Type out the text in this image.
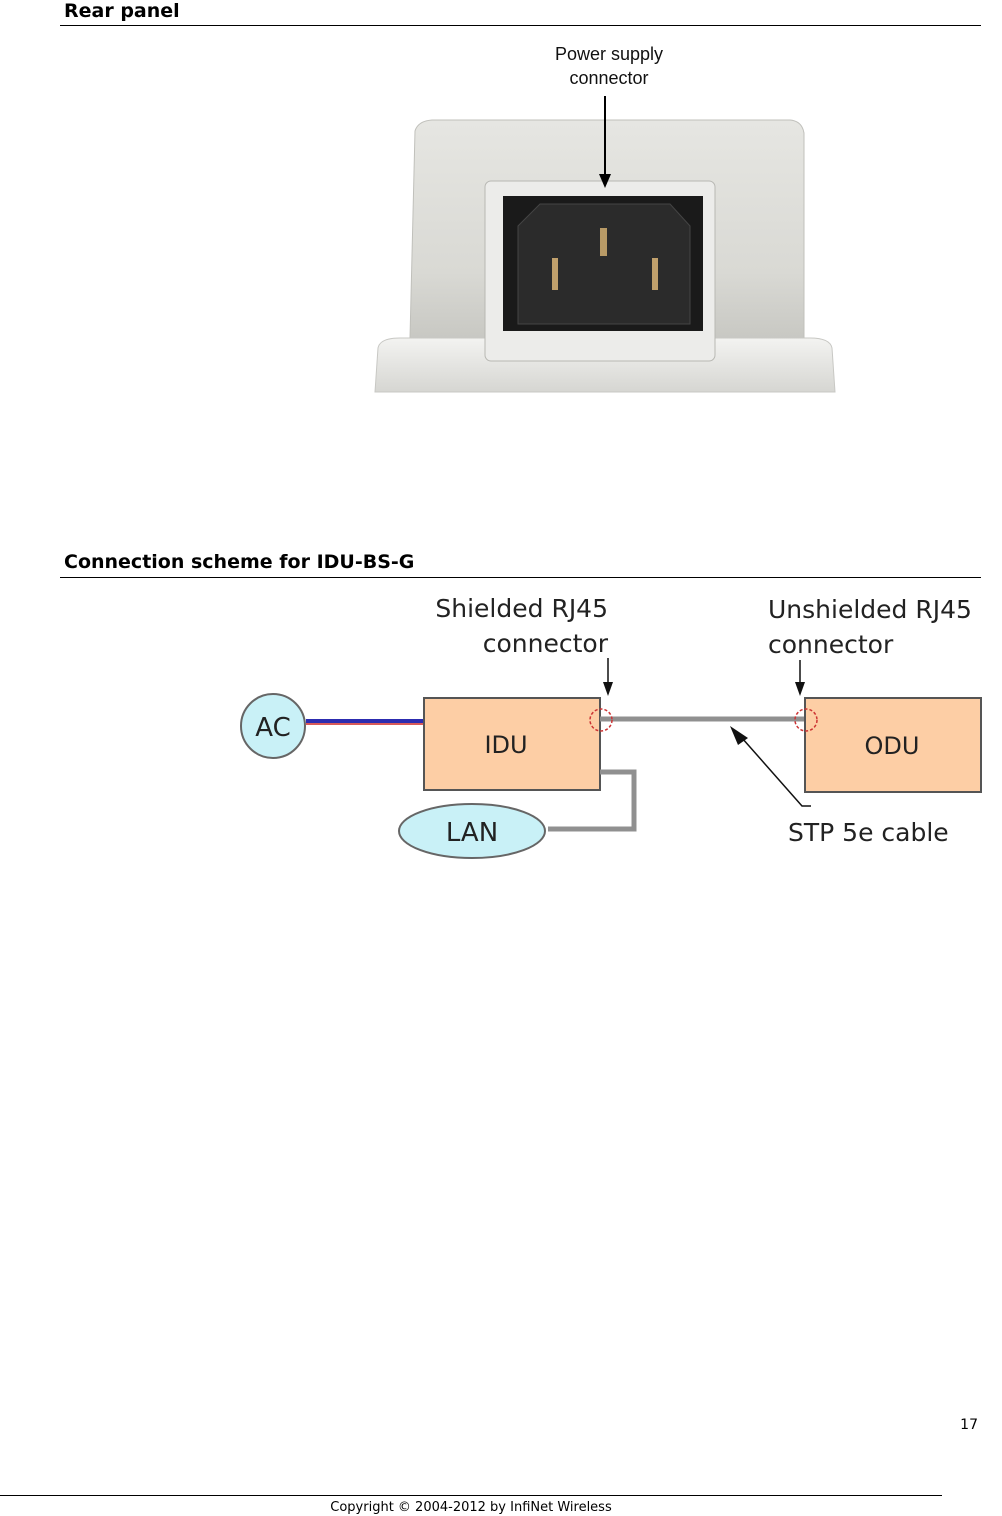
Rear panel
Power supply
connector
Connection scheme for IDU-BS-G
AC
IDU
LAN
ODU
Shielded RJ45
connector
Unshielded RJ45
connector
STP 5e cable
17
Copyright © 2004-2012 by InfiNet Wireless
